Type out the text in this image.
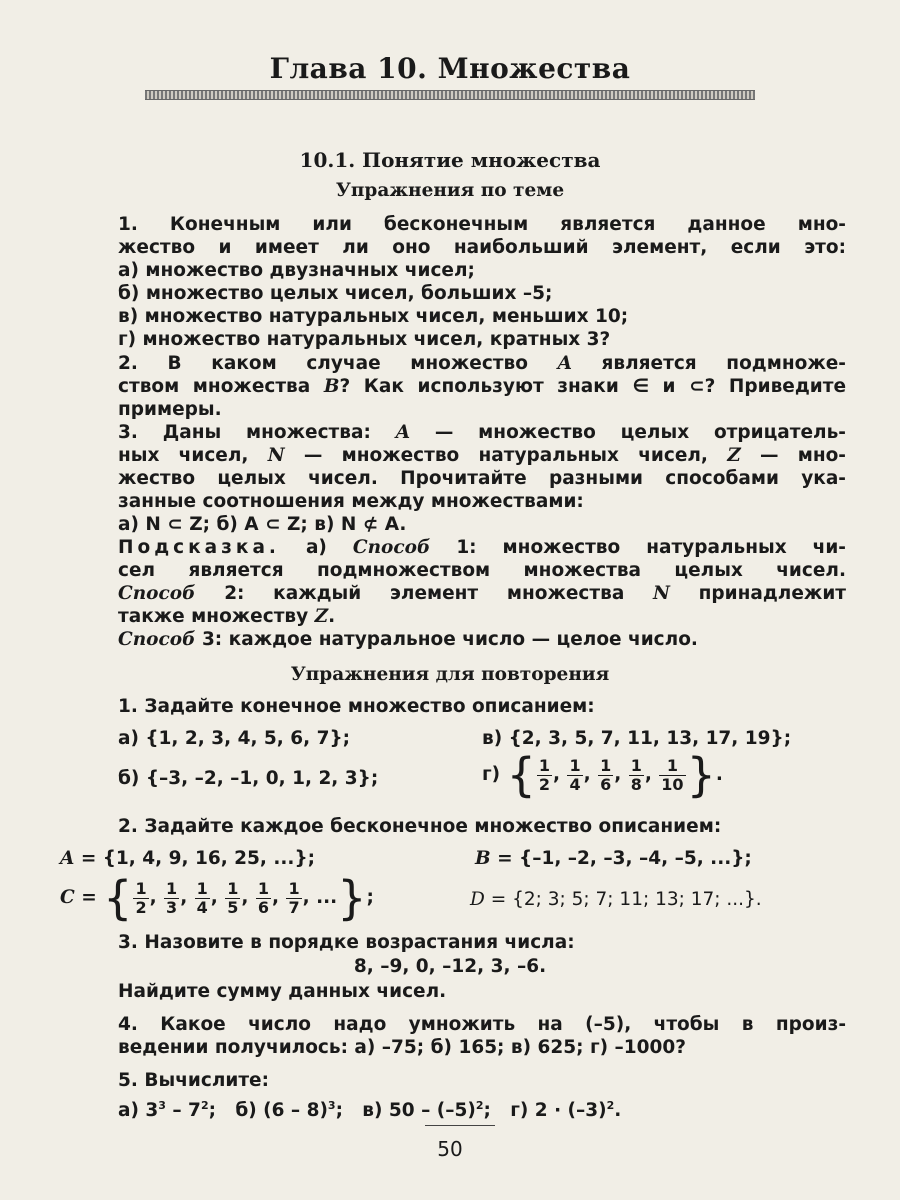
Глава 10. Множества
10.1. Понятие множества
Упражнения по теме
1. Конечным или бесконечным является данное мно-
жество и имеет ли оно наибольший элемент, если это:
а) множество двузначных чисел;
б) множество целых чисел, больших –5;
в) множество натуральных чисел, меньших 10;
г) множество натуральных чисел, кратных 3?
2. В каком случае множество A является подмноже-
ством множества B? Как используют знаки ∈ и ⊂? Приведите
примеры.
3. Даны множества: A — множество целых отрицатель-
ных чисел, N — множество натуральных чисел, Z — мно-
жество целых чисел. Прочитайте разными способами ука-
занные соотношения между множествами:
а) N ⊂ Z; б) A ⊂ Z; в) N ⊄ A.
Подсказка. а) Способ 1: множество натуральных чи-
сел является подмножеством множества целых чисел.
Способ 2: каждый элемент множества N принадлежит
также множеству Z.
Способ 3: каждое натуральное число — целое число.
Упражнения для повторения
1. Задайте конечное множество описанием:
а) {1, 2, 3, 4, 5, 6, 7};	в) {2, 3, 5, 7, 11, 13, 17, 19};
б) {–3, –2, –1, 0, 1, 2, 3};	г) { $\frac{1}{2}$ , $\frac{1}{4}$ , $\frac{1}{6}$ , $\frac{1}{8}$ , $\frac{1}{10}$ }.
2. Задайте каждое бесконечное множество описанием:
A = {1, 4, 9, 16, 25, ...};	B = {–1, –2, –3, –4, –5, ...};
C = { $\frac{1}{2}$ , $\frac{1}{3}$ , $\frac{1}{4}$ , $\frac{1}{5}$ , $\frac{1}{6}$ , $\frac{1}{7}$ , ...};	D = {2; 3; 5; 7; 11; 13; 17; ...}.
3. Назовите в порядке возрастания числа:
8, –9, 0, –12, 3, –6.
Найдите сумму данных чисел.
4. Какое число надо умножить на (–5), чтобы в произ-
ведении получилось: а) –75; б) 165; в) 625; г) –1000?
5. Вычислите:
а) $3^3 - 7^2$;   б) (6 – 8)$^3$;   в) $50 - (-5)^2$;   г) $2 \cdot (-3)^2$.
50
